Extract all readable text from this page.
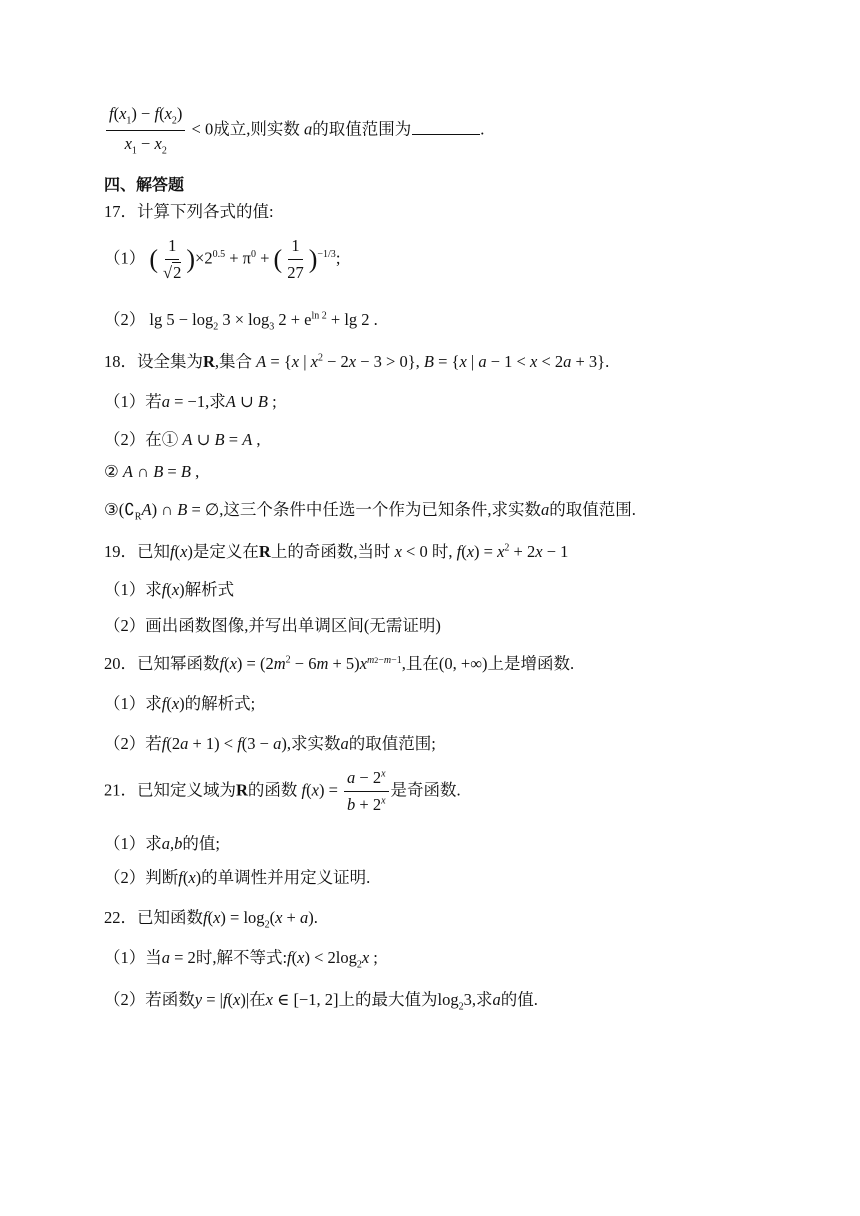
$\frac{f(x_1) - f(x_2)}{x_1 - x_2} < 0$成立,则实数 a的取值范围为	.
四、解答题
17．计算下列各式的值:
（1） ( $\frac{1}{√2} )\times 2^{0.5} + \pi^0$ + ( $\frac{1}{27} )^{-1/3}$;
（2） $\lg 5 - \log_2 3 \times \log_3 2 + e^{ln 2} + \lg 2$ .
18．设全集为R,集合 A = {x | $x^2 - 2x - 3 > 0$}, B = {x | a − 1 < x < 2a + 3}.
（1）若a = −1,求A ∪ B ;
（2）在① A ∪ B = A ,
② A ∩ B = B ,
$③(∁_RA)$ ∩ B = ∅,这三个条件中任选一个作为已知条件,求实数a的取值范围.
19．已知f(x)是定义在R上的奇函数,当时 x < 0 时, $f(x) = x^2 + 2x - 1$
（1）求f(x)解析式
（2）画出函数图像,并写出单调区间(无需证明)
20．已知幂函数$f(x) = (2m^2 - 6m + 5)x^{m2-m-1}$,且在(0, +∞)上是增函数.
（1）求f(x)的解析式;
（2）若f(2a + 1) < f(3 − a),求实数a的取值范围;
21．已知定义域为R的函数 $f(x) = \frac{a - 2^x}{b + 2^x}$ 是奇函数.
（1）求a,b的值;
（2）判断f(x)的单调性并用定义证明.
22．已知函数$f(x) = \log_2(x + a)$.
（1）当a = 2时,解不等式:f(x) < $2\log_2x$ ;
（2）若函数y = |f(x)|在x ∈ [−1, 2]上的最大值为$\log_23$,求a的值.
